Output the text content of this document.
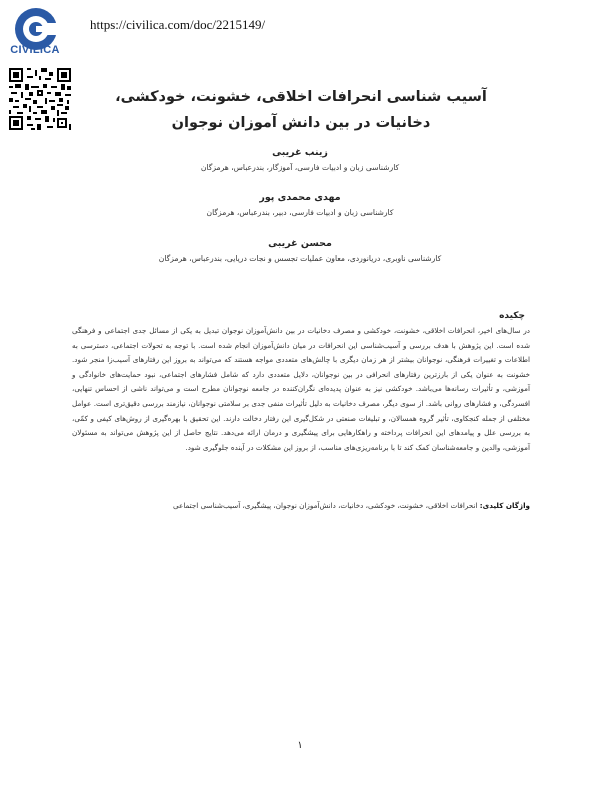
CIVILICA
https://civilica.com/doc/2215149/
آسیب شناسی انحرافات اخلاقی، خشونت، خودکشی، دخانیات در بین دانش آموزان نوجوان
زینب غریبی
کارشناسی زبان و ادبیات فارسی، آموزگار، بندرعباس، هرمزگان
مهدی محمدی پور
کارشناسی زبان و ادبیات فارسی، دبیر، بندرعباس، هرمزگان
محسن غریبی
کارشناسی ناوبری، دریانوردی، معاون عملیات تجسس و نجات دریایی، بندرعباس، هرمزگان
چکیده
در سال‌های اخیر، انحرافات اخلاقی، خشونت، خودکشی و مصرف دخانیات در بین دانش‌آموزان نوجوان تبدیل به یکی از مسائل جدی اجتماعی و فرهنگی شده است. این پژوهش با هدف بررسی و آسیب‌شناسی این انحرافات در میان دانش‌آموزان انجام شده است. با توجه به تحولات اجتماعی، دسترسی به اطلاعات و تغییرات فرهنگی، نوجوانان بیشتر از هر زمان دیگری با چالش‌های متعددی مواجه هستند که می‌تواند به بروز این رفتارهای آسیب‌زا منجر شود. خشونت به عنوان یکی از بارزترین رفتارهای انحرافی در بین نوجوانان، دلایل متعددی دارد که شامل فشارهای اجتماعی، نبود حمایت‌های خانوادگی و آموزشی، و تأثیرات رسانه‌ها می‌باشد. خودکشی نیز به عنوان پدیده‌ای نگران‌کننده در جامعه نوجوانان مطرح است و می‌تواند ناشی از احساس تنهایی، افسردگی، و فشارهای روانی باشد. از سوی دیگر، مصرف دخانیات به دلیل تأثیرات منفی جدی بر سلامتی نوجوانان، نیازمند بررسی دقیق‌تری است. عوامل مختلفی از جمله کنجکاوی، تأثیر گروه همسالان، و تبلیغات صنعتی در شکل‌گیری این رفتار دخالت دارند. این تحقیق با بهره‌گیری از روش‌های کیفی و کمّی، به بررسی علل و پیامدهای این انحرافات پرداخته و راهکارهایی برای پیشگیری و درمان ارائه می‌دهد. نتایج حاصل از این پژوهش می‌تواند به مسئولان آموزشی، والدین و جامعه‌شناسان کمک کند تا با برنامه‌ریزی‌های مناسب، از بروز این مشکلات در آینده جلوگیری شود.
واژگان کلیدی: انحرافات اخلاقی، خشونت، خودکشی، دخانیات، دانش‌آموزان نوجوان، پیشگیری، آسیب‌شناسی اجتماعی
۱
